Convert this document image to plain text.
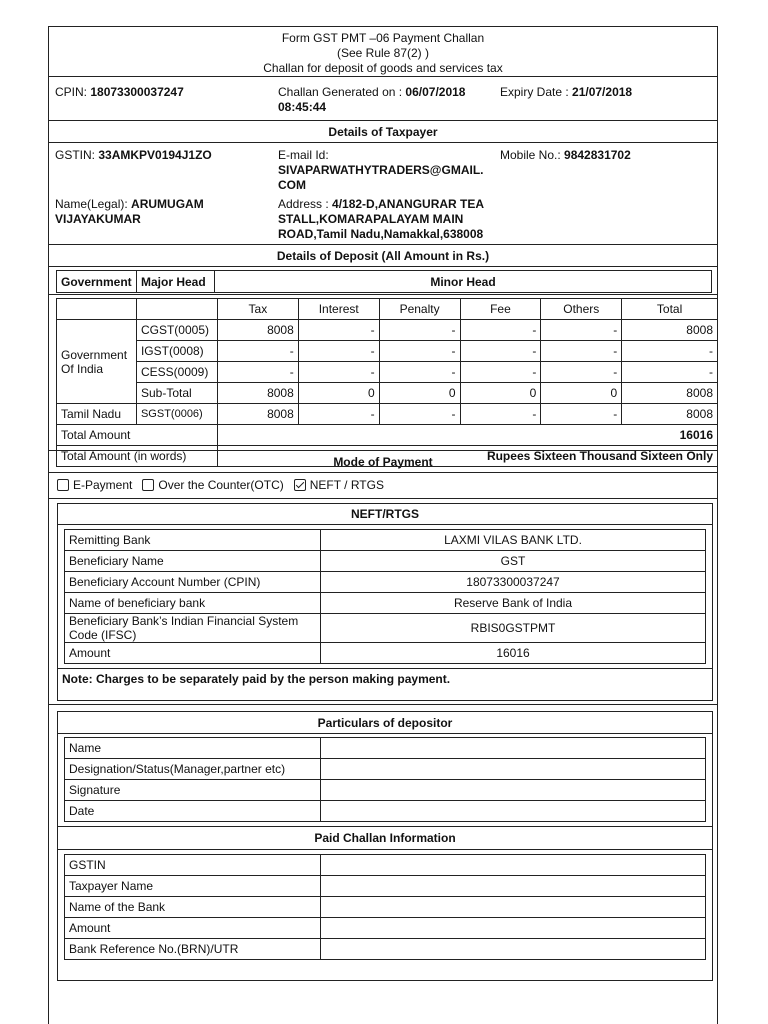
Form GST PMT –06 Payment Challan
(See Rule 87(2) )
Challan for deposit of goods and services tax
CPIN: 18073300037247	Challan Generated on : 06/07/2018
08:45:44
Expiry Date : 21/07/2018
Details of Taxpayer
GSTIN: 33AMKPV0194J1ZO	E-mail Id:
SIVAPARWATHYTRADERS@GMAIL.
COM
Mobile No.: 9842831702
Name(Legal): ARUMUGAM
VIJAYAKUMAR
Address : 4/182-D,ANANGURAR TEA
STALL,KOMARAPALAYAM MAIN
ROAD,Tamil Nadu,Namakkal,638008
Details of Deposit (All Amount in Rs.)
Government	Major Head	Minor Head
		Tax	Interest	Penalty	Fee	Others	Total
Government Of India	CGST(0005)	8008	-	-	-	-	8008
	IGST(0008)	-	-	-	-	-	-
	CESS(0009)	-	-	-	-	-	-
	Sub-Total	8008	0	0	0	0	8008
Tamil Nadu	SGST(0006)	8008	-	-	-	-	8008
Total Amount		16016					
Total Amount (in words)		Rupees Sixteen Thousand Sixteen Only					
Mode of Payment
E-Payment Over the Counter(OTC) NEFT / RTGS
NEFT/RTGS
Remitting Bank	LAXMI VILAS BANK LTD.
Beneficiary Name	GST
Beneficiary Account Number (CPIN)	18073300037247
Name of beneficiary bank	Reserve Bank of India
Beneficiary Bank’s Indian Financial System Code (IFSC)	RBIS0GSTPMT
Amount	16016
Note: Charges to be separately paid by the person making payment.
Particulars of depositor
Name	
Designation/Status(Manager,partner etc)	
Signature	
Date	
Paid Challan Information
GSTIN	
Taxpayer Name	
Name of the Bank	
Amount	
Bank Reference No.(BRN)/UTR	
